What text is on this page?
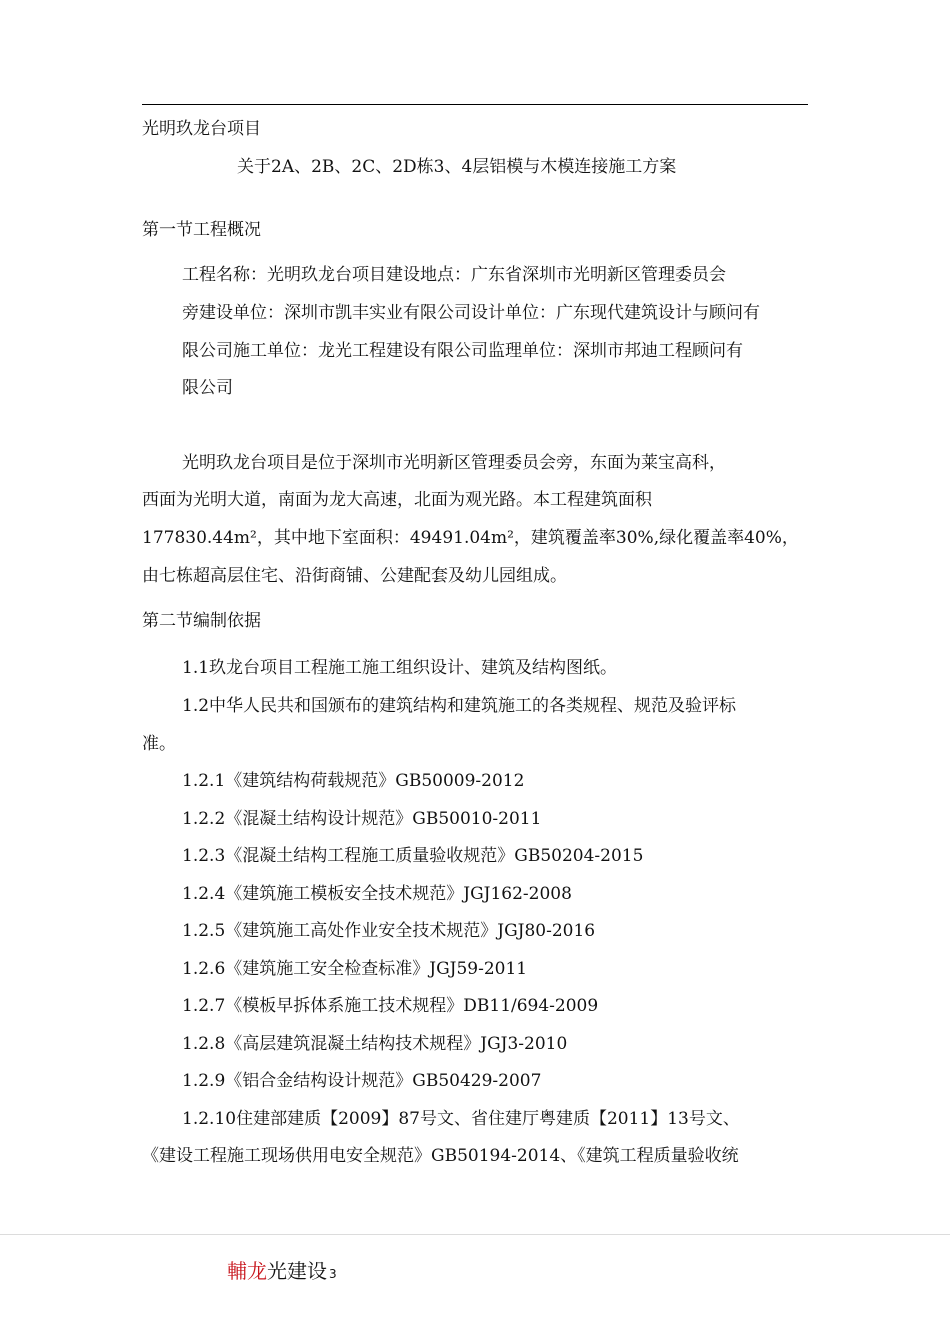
光明玖龙台项目
关于2A、2B、2C、2D栋3、4层铝模与木模连接施工方案
第一节工程概况
工程名称：光明玖龙台项目建设地点：广东省深圳市光明新区管理委员会
旁建设单位：深圳市凯丰实业有限公司设计单位：广东现代建筑设计与顾问有
限公司施工单位：龙光工程建设有限公司监理单位：深圳市邦迪工程顾问有
限公司
光明玖龙台项目是位于深圳市光明新区管理委员会旁，东面为莱宝高科，
西面为光明大道，南面为龙大高速，北面为观光路。本工程建筑面积
177830.44m²，其中地下室面积：49491.04m²，建筑覆盖率30%,绿化覆盖率40%，
由七栋超高层住宅、沿街商铺、公建配套及幼儿园组成。
第二节编制依据
1.1玖龙台项目工程施工施工组织设计、建筑及结构图纸。
1.2中华人民共和国颁布的建筑结构和建筑施工的各类规程、规范及验评标
准。
1.2.1《建筑结构荷载规范》GB50009-2012
1.2.2《混凝土结构设计规范》GB50010-2011
1.2.3《混凝土结构工程施工质量验收规范》GB50204-2015
1.2.4《建筑施工模板安全技术规范》JGJ162-2008
1.2.5《建筑施工高处作业安全技术规范》JGJ80-2016
1.2.6《建筑施工安全检查标准》JGJ59-2011
1.2.7《模板早拆体系施工技术规程》DB11/694-2009
1.2.8《高层建筑混凝土结构技术规程》JGJ3-2010
1.2.9《铝合金结构设计规范》GB50429-2007
1.2.10住建部建质【2009】87号文、省住建厅粤建质【2011】13号文、
《建设工程施工现场供用电安全规范》GB50194-2014、《建筑工程质量验收统
輔龙光建设 3
